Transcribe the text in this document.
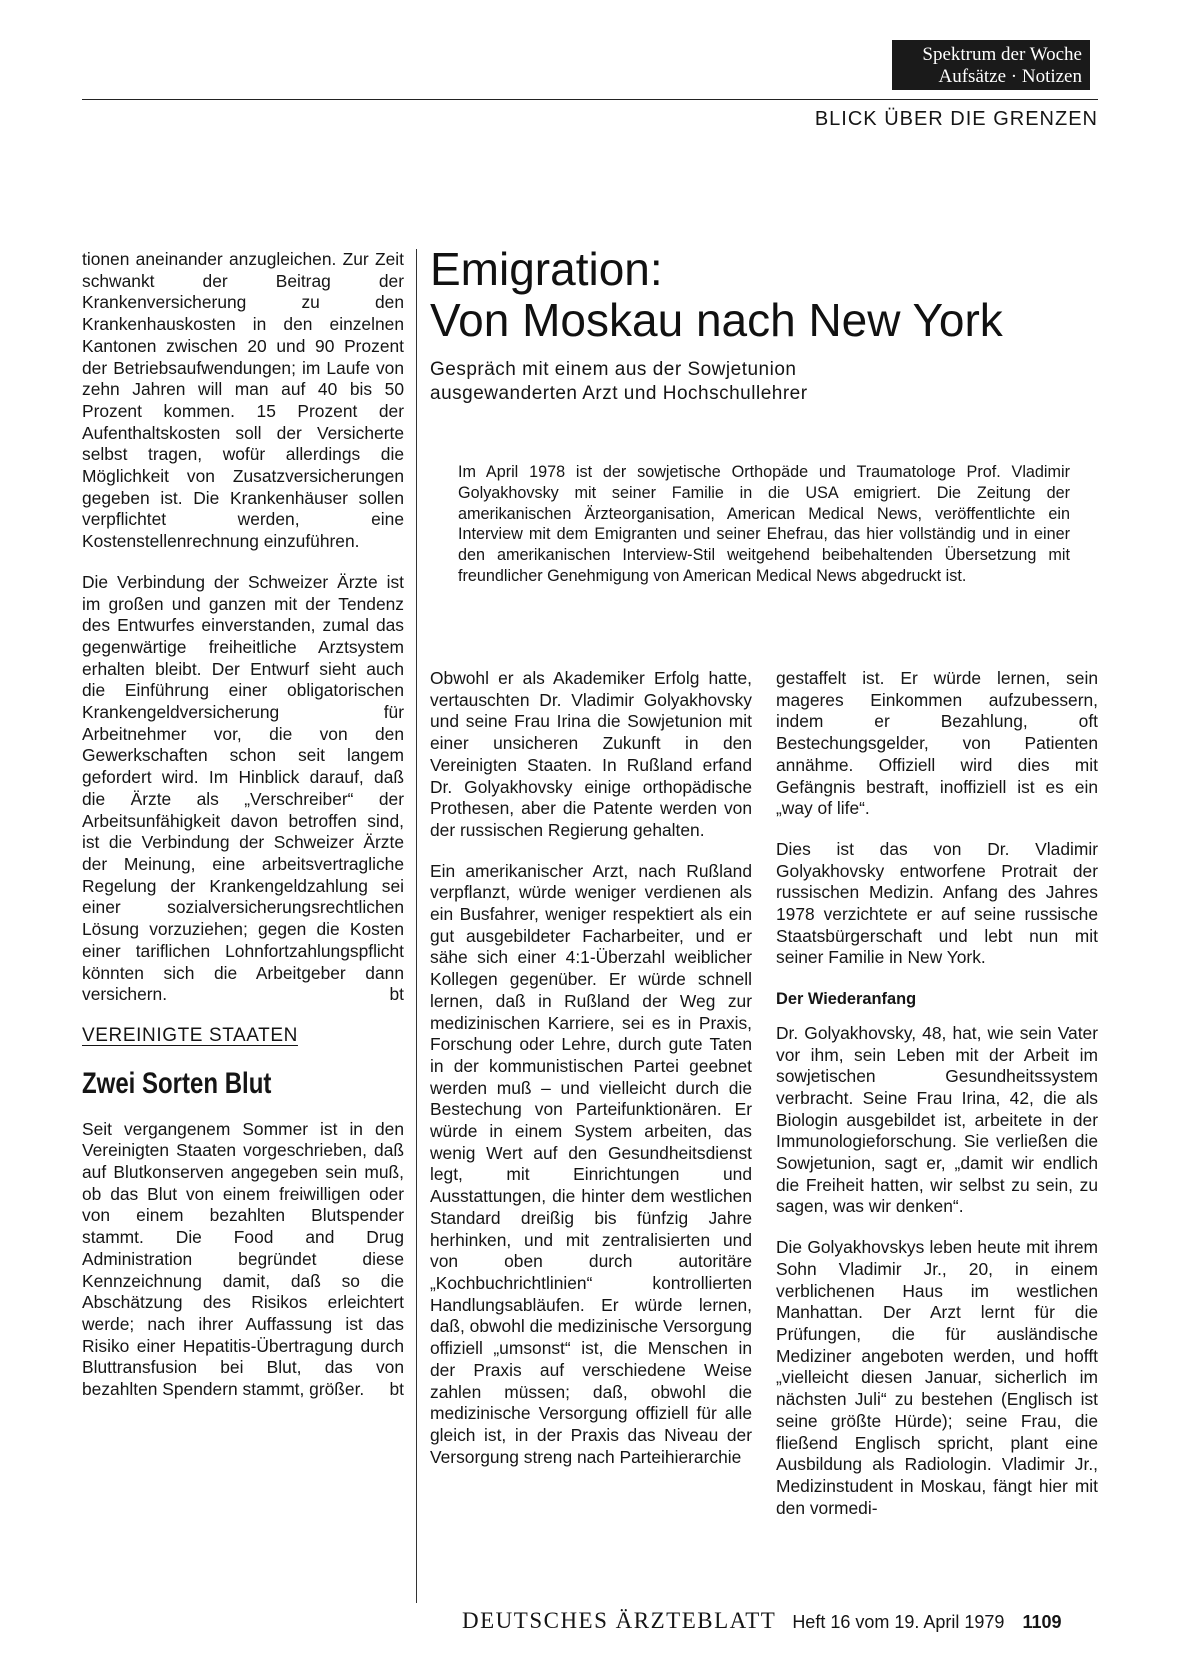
Spektrum der Woche
Aufsätze · Notizen
BLICK ÜBER DIE GRENZEN

tionen aneinander anzugleichen. Zur Zeit schwankt der Beitrag der Krankenversicherung zu den Krankenhauskosten in den einzelnen Kantonen zwischen 20 und 90 Prozent der Betriebsaufwendungen; im Laufe von zehn Jahren will man auf 40 bis 50 Prozent kommen. 15 Prozent der Aufenthaltskosten soll der Versicherte selbst tragen, wofür allerdings die Möglichkeit von Zusatzversicherungen gegeben ist. Die Krankenhäuser sollen verpflichtet werden, eine Kostenstellenrechnung einzuführen.

Die Verbindung der Schweizer Ärzte ist im großen und ganzen mit der Tendenz des Entwurfes einverstanden, zumal das gegenwärtige freiheitliche Arztsystem erhalten bleibt. Der Entwurf sieht auch die Einführung einer obligatorischen Krankengeldversicherung für Arbeitnehmer vor, die von den Gewerkschaften schon seit langem gefordert wird. Im Hinblick darauf, daß die Ärzte als „Verschreiber“ der Arbeitsunfähigkeit davon betroffen sind, ist die Verbindung der Schweizer Ärzte der Meinung, eine arbeitsvertragliche Regelung der Krankengeldzahlung sei einer sozialversicherungsrechtlichen Lösung vorzuziehen; gegen die Kosten einer tariflichen Lohnfortzahlungspflicht könnten sich die Arbeitgeber dann versichern.	bt

VEREINIGTE STAATEN
Zwei Sorten Blut

Seit vergangenem Sommer ist in den Vereinigten Staaten vorgeschrieben, daß auf Blutkonserven angegeben sein muß, ob das Blut von einem freiwilligen oder von einem bezahlten Blutspender stammt. Die Food and Drug Administration begründet diese Kennzeichnung damit, daß so die Abschätzung des Risikos erleichtert werde; nach ihrer Auffassung ist das Risiko einer Hepatitis-Übertragung durch Bluttransfusion bei Blut, das von bezahlten Spendern stammt, größer. bt

Emigration:
Von Moskau nach New York
Gespräch mit einem aus der Sowjetunion
ausgewanderten Arzt und Hochschullehrer
Im April 1978 ist der sowjetische Orthopäde und Traumatologe Prof. Vladimir Golyakhovsky mit seiner Familie in die USA emigriert. Die Zeitung der amerikanischen Ärzteorganisation, American Medical News, veröffentlichte ein Interview mit dem Emigranten und seiner Ehefrau, das hier vollständig und in einer den amerikanischen Interview-Stil weitgehend beibehaltenden Übersetzung mit freundlicher Genehmigung von American Medical News abgedruckt ist.

Obwohl er als Akademiker Erfolg hatte, vertauschten Dr. Vladimir Golyakhovsky und seine Frau Irina die Sowjetunion mit einer unsicheren Zukunft in den Vereinigten Staaten. In Rußland erfand Dr. Golyakhovsky einige orthopädische Prothesen, aber die Patente werden von der russischen Regierung gehalten.

Ein amerikanischer Arzt, nach Rußland verpflanzt, würde weniger verdienen als ein Busfahrer, weniger respektiert als ein gut ausgebildeter Facharbeiter, und er sähe sich einer 4:1-Überzahl weiblicher Kollegen gegenüber. Er würde schnell lernen, daß in Rußland der Weg zur medizinischen Karriere, sei es in Praxis, Forschung oder Lehre, durch gute Taten in der kommunistischen Partei geebnet werden muß – und vielleicht durch die Bestechung von Parteifunktionären. Er würde in einem System arbeiten, das wenig Wert auf den Gesundheitsdienst legt, mit Einrichtungen und Ausstattungen, die hinter dem westlichen Standard dreißig bis fünfzig Jahre herhinken, und mit zentralisierten und von oben durch autoritäre „Kochbuchrichtlinien“ kontrollierten Handlungsabläufen. Er würde lernen, daß, obwohl die medizinische Versorgung offiziell „umsonst“ ist, die Menschen in der Praxis auf verschiedene Weise zahlen müssen; daß, obwohl die medizinische Versorgung offiziell für alle gleich ist, in der Praxis das Niveau der Versorgung streng nach Parteihierarchie

gestaffelt ist. Er würde lernen, sein mageres Einkommen aufzubessern, indem er Bezahlung, oft Bestechungsgelder, von Patienten annähme. Offiziell wird dies mit Gefängnis bestraft, inoffiziell ist es ein „way of life“.

Dies ist das von Dr. Vladimir Golyakhovsky entworfene Protrait der russischen Medizin. Anfang des Jahres 1978 verzichtete er auf seine russische Staatsbürgerschaft und lebt nun mit seiner Familie in New York.

Der Wiederanfang

Dr. Golyakhovsky, 48, hat, wie sein Vater vor ihm, sein Leben mit der Arbeit im sowjetischen Gesundheitssystem verbracht. Seine Frau Irina, 42, die als Biologin ausgebildet ist, arbeitete in der Immunologieforschung. Sie verließen die Sowjetunion, sagt er, „damit wir endlich die Freiheit hatten, wir selbst zu sein, zu sagen, was wir denken“.

Die Golyakhovskys leben heute mit ihrem Sohn Vladimir Jr., 20, in einem verblichenen Haus im westlichen Manhattan. Der Arzt lernt für die Prüfungen, die für ausländische Mediziner angeboten werden, und hofft „vielleicht diesen Januar, sicherlich im nächsten Juli“ zu bestehen (Englisch ist seine größte Hürde); seine Frau, die fließend Englisch spricht, plant eine Ausbildung als Radiologin. Vladimir Jr., Medizinstudent in Moskau, fängt hier mit den vormedi-

DEUTSCHES ÄRZTEBLATT Heft 16 vom 19. April 1979 1109
